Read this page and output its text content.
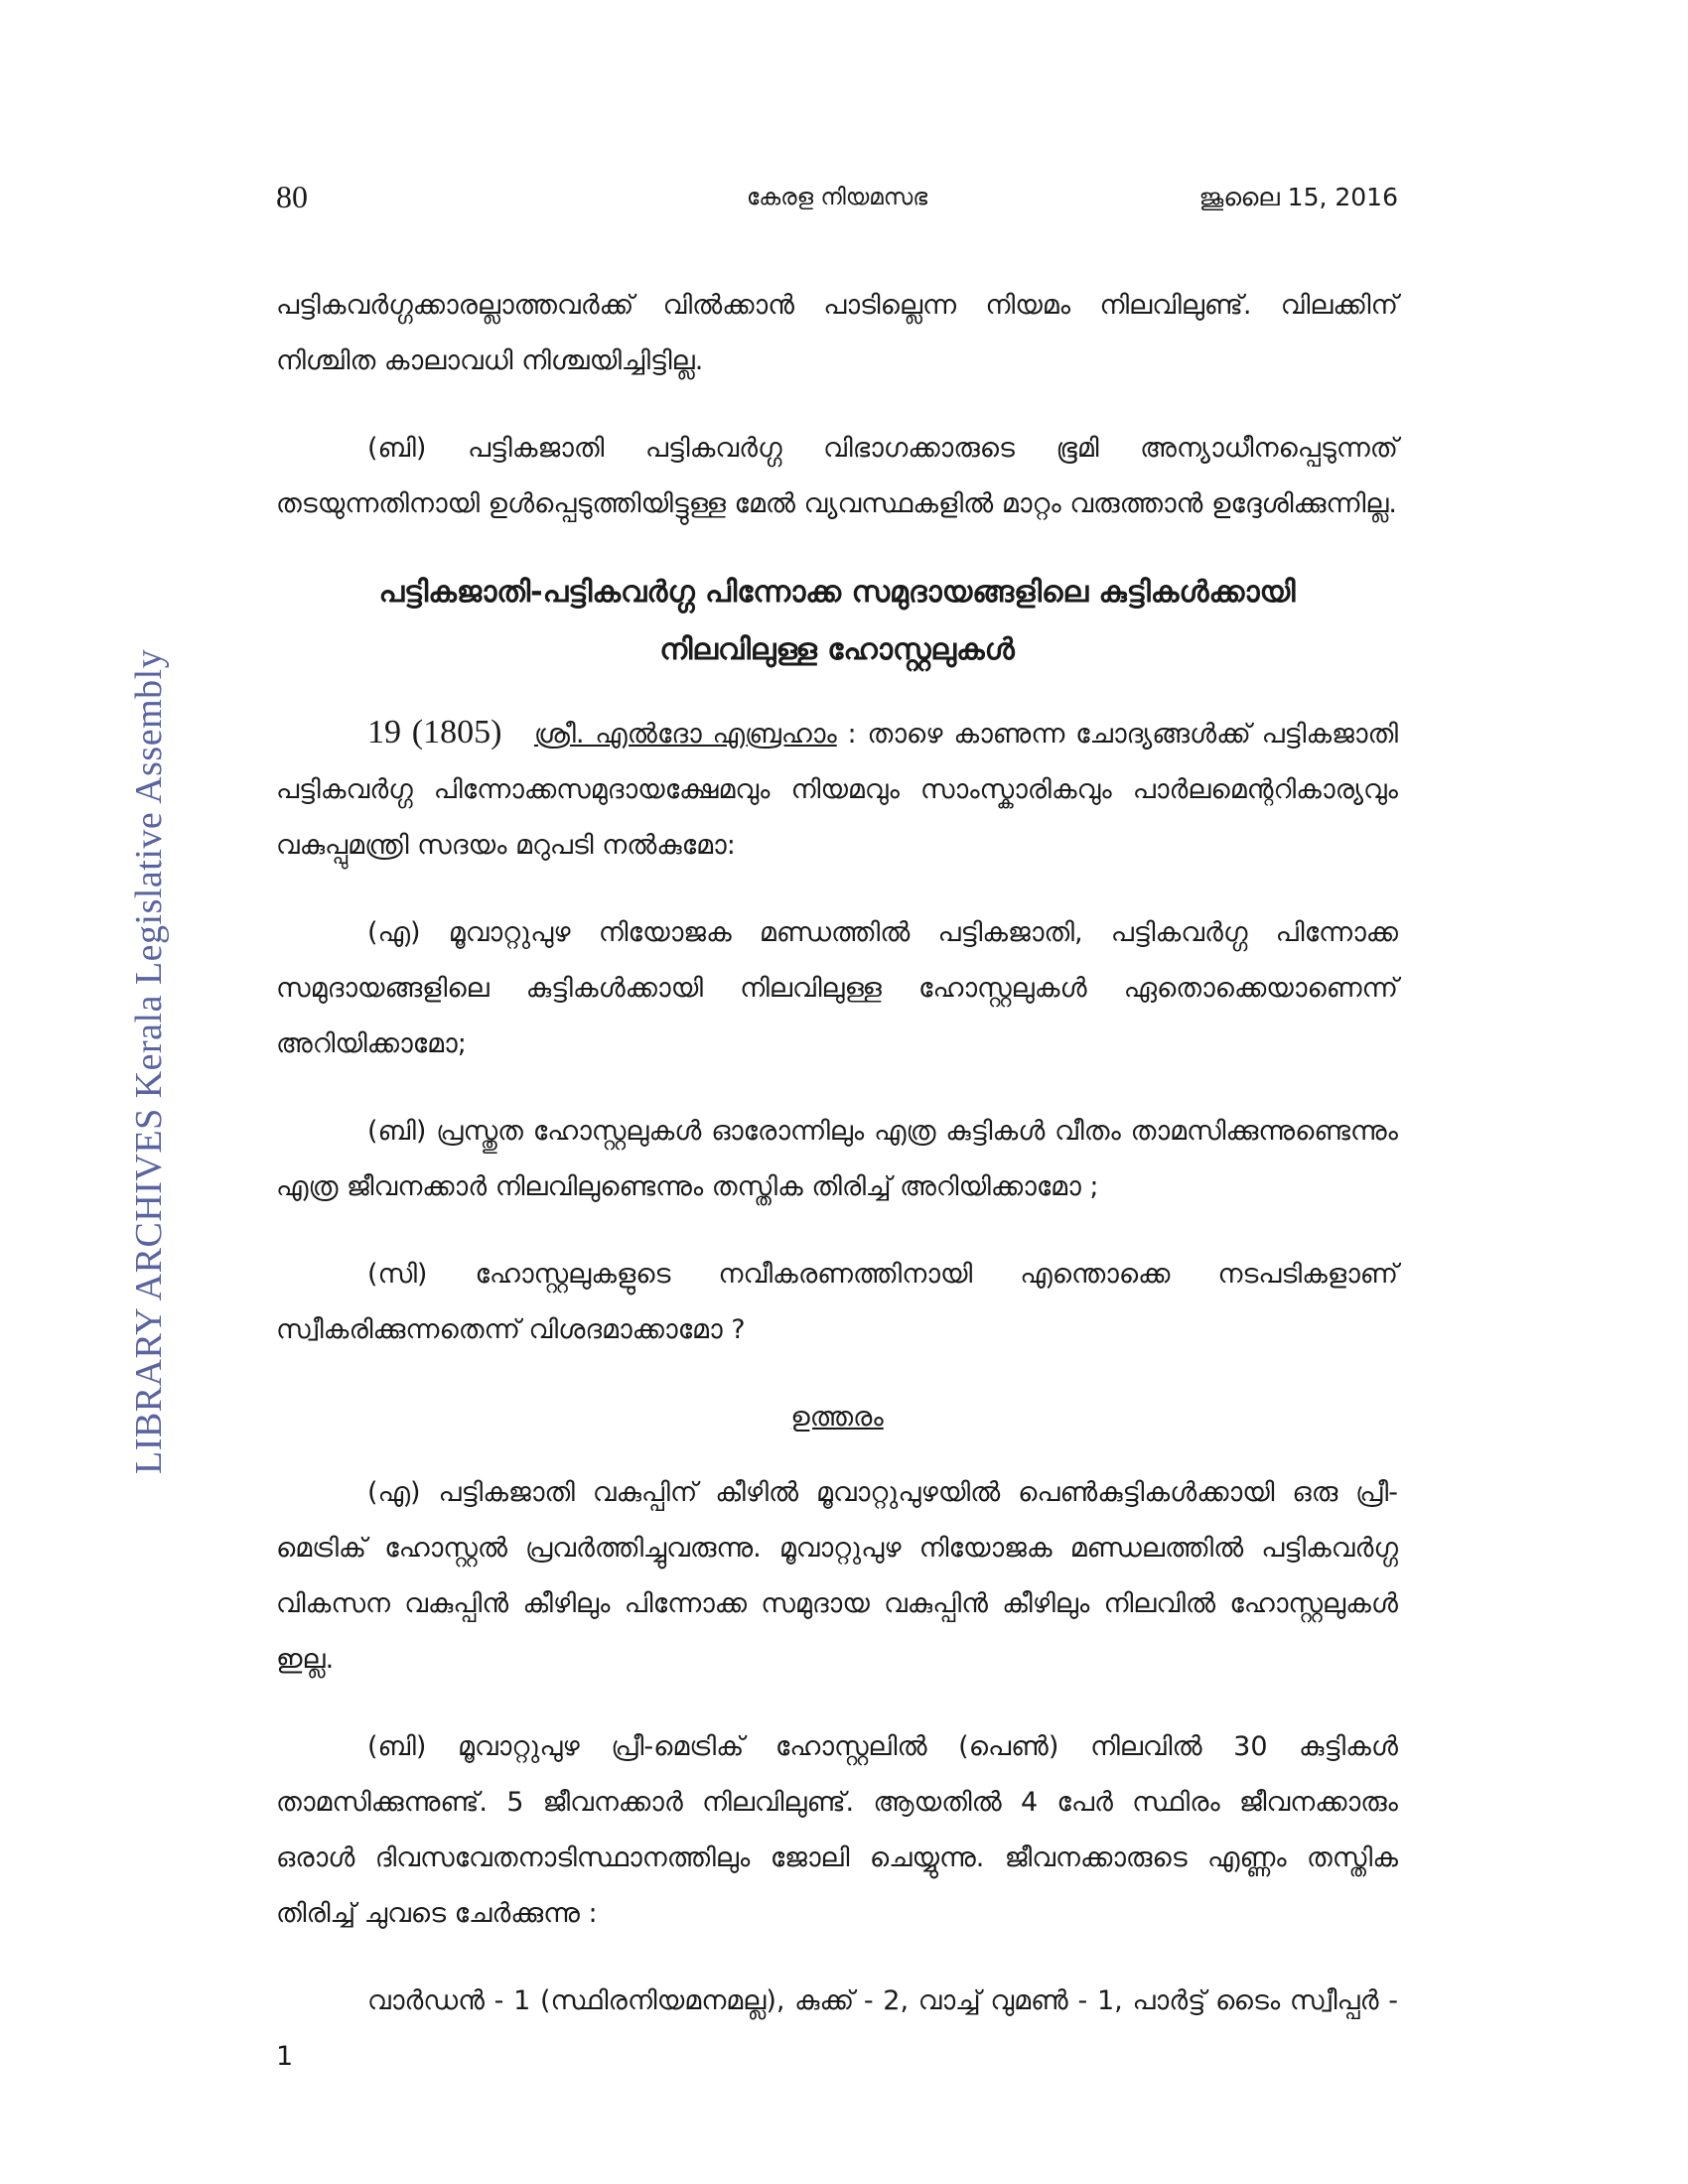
LIBRARY ARCHIVES Kerala Legislative Assembly
80	കേരള നിയമസഭ	ജൂലൈ 15, 2016

പട്ടികവർഗ്ഗക്കാരല്ലാത്തവർക്ക് വിൽക്കാൻ പാടില്ലെന്ന നിയമം നിലവിലുണ്ട്. വിലക്കിന് നിശ്ചിത കാലാവധി നിശ്ചയിച്ചിട്ടില്ല.

(ബി) പട്ടികജാതി പട്ടികവർഗ്ഗ വിഭാഗക്കാരുടെ ഭൂമി അന്യാധീനപ്പെടുന്നത് തടയുന്നതിനായി ഉൾപ്പെടുത്തിയിട്ടുള്ള മേൽ വ്യവസ്ഥകളിൽ മാറ്റം വരുത്താൻ ഉദ്ദേശിക്കുന്നില്ല.

പട്ടികജാതി-പട്ടികവർഗ്ഗ പിന്നോക്ക സമുദായങ്ങളിലെ കുട്ടികൾക്കായി
നിലവിലുള്ള ഹോസ്റ്റലുകൾ

19 (1805) ശ്രീ. എൽദോ എബ്രഹാം : താഴെ കാണുന്ന ചോദ്യങ്ങൾക്ക് പട്ടികജാതി പട്ടികവർഗ്ഗ പിന്നോക്കസമുദായക്ഷേമവും നിയമവും സാംസ്കാരികവും പാർലമെന്ററികാര്യവും വകുപ്പുമന്ത്രി സദയം മറുപടി നൽകുമോ:

(എ) മൂവാറ്റുപുഴ നിയോജക മണ്ഡത്തിൽ പട്ടികജാതി, പട്ടികവർഗ്ഗ പിന്നോക്ക സമുദായങ്ങളിലെ കുട്ടികൾക്കായി നിലവിലുള്ള ഹോസ്റ്റലുകൾ ഏതൊക്കെയാണെന്ന് അറിയിക്കാമോ;

(ബി) പ്രസ്തുത ഹോസ്റ്റലുകൾ ഓരോന്നിലും എത്ര കുട്ടികൾ വീതം താമസിക്കുന്നുണ്ടെന്നും എത്ര ജീവനക്കാർ നിലവിലുണ്ടെന്നും തസ്തിക തിരിച്ച് അറിയിക്കാമോ ;

(സി) ഹോസ്റ്റലുകളുടെ നവീകരണത്തിനായി എന്തൊക്കെ നടപടികളാണ് സ്വീകരിക്കുന്നതെന്ന് വിശദമാക്കാമോ ?

ഉത്തരം

(എ) പട്ടികജാതി വകുപ്പിന് കീഴിൽ മൂവാറ്റുപുഴയിൽ പെൺകുട്ടികൾക്കായി ഒരു പ്രീ-മെട്രിക് ഹോസ്റ്റൽ പ്രവർത്തിച്ചുവരുന്നു. മൂവാറ്റുപുഴ നിയോജക മണ്ഡലത്തിൽ പട്ടികവർഗ്ഗ വികസന വകുപ്പിൻ കീഴിലും പിന്നോക്ക സമുദായ വകുപ്പിൻ കീഴിലും നിലവിൽ ഹോസ്റ്റലുകൾ ഇല്ല.

(ബി) മൂവാറ്റുപുഴ പ്രീ-മെട്രിക് ഹോസ്റ്റലിൽ (പെൺ) നിലവിൽ 30 കുട്ടികൾ താമസിക്കുന്നുണ്ട്. 5 ജീവനക്കാർ നിലവിലുണ്ട്. ആയതിൽ 4 പേർ സ്ഥിരം ജീവനക്കാരും ഒരാൾ ദിവസവേതനാടിസ്ഥാനത്തിലും ജോലി ചെയ്യുന്നു. ജീവനക്കാരുടെ എണ്ണം തസ്തിക തിരിച്ച് ചുവടെ ചേർക്കുന്നു :

വാർഡൻ - 1 (സ്ഥിരനിയമനമല്ല), കുക്ക് - 2, വാച്ച് വുമൺ - 1, പാർട്ട് ടൈം സ്വീപ്പർ - 1
